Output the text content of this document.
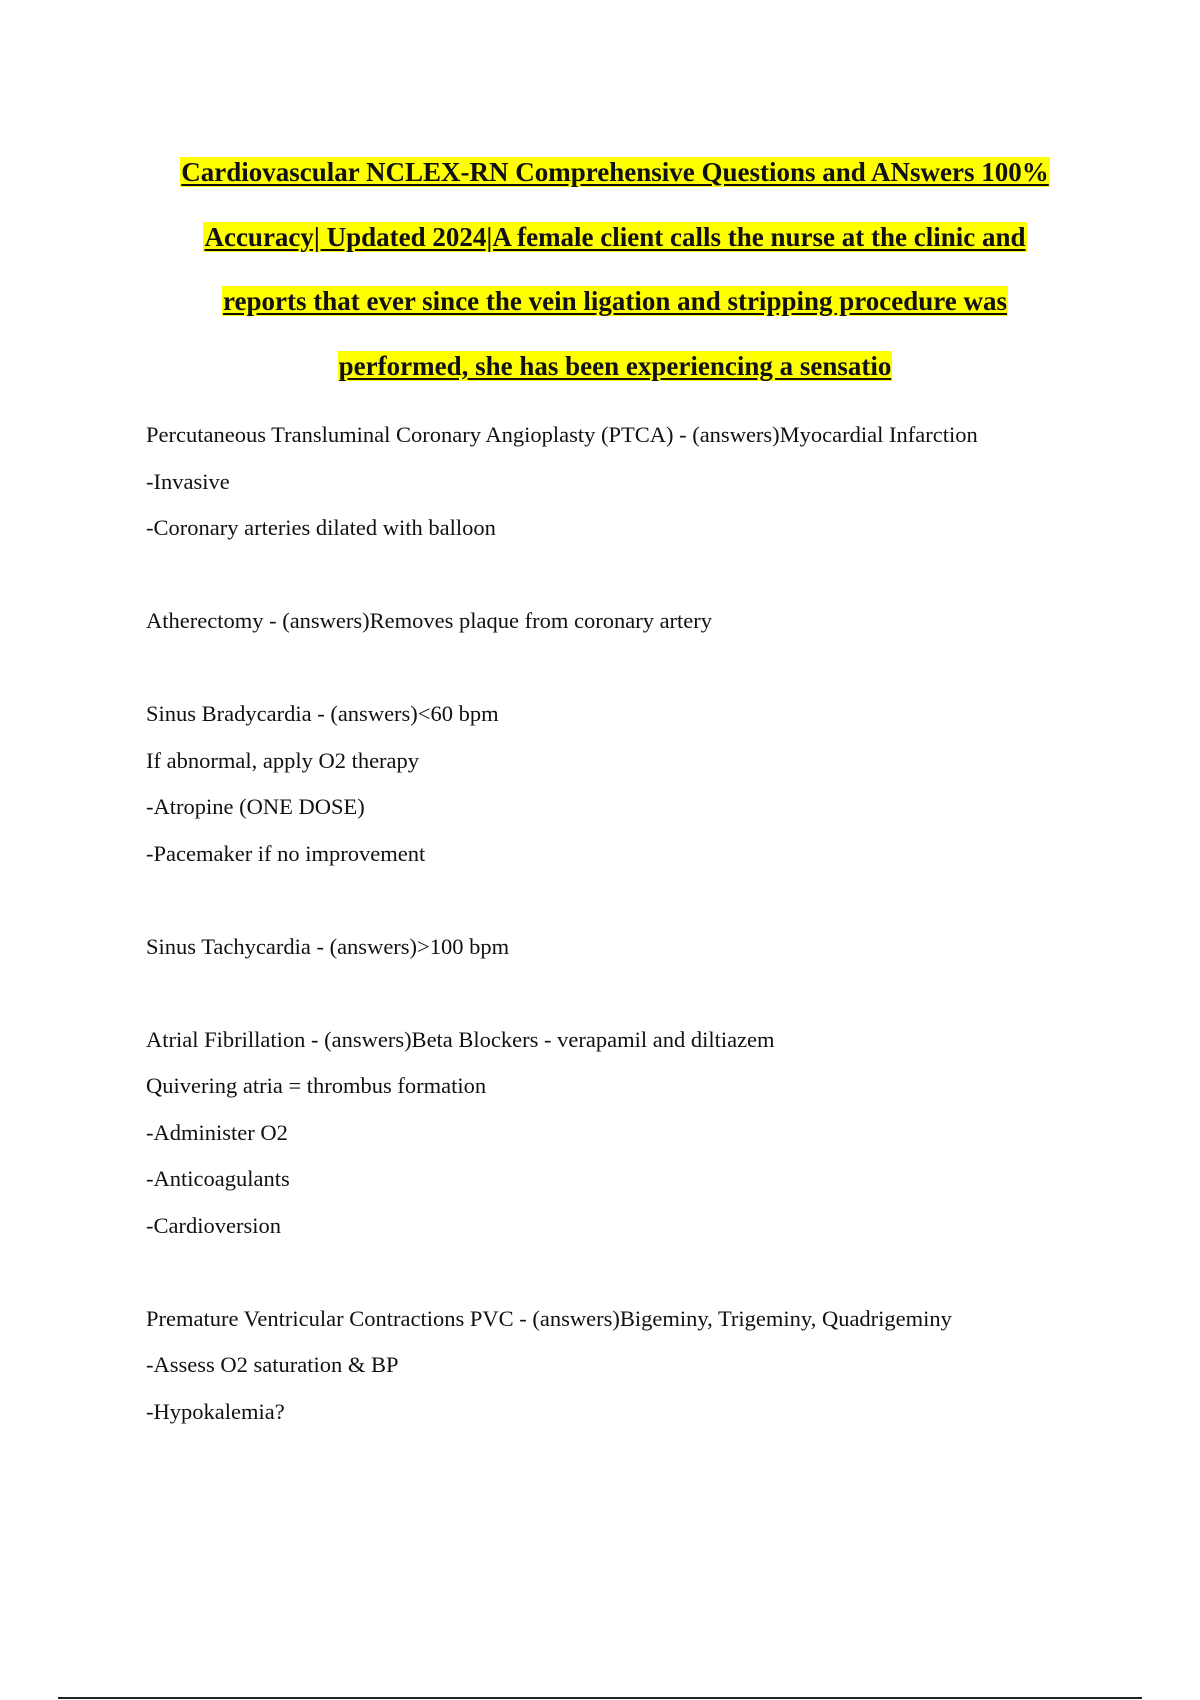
Cardiovascular NCLEX-RN Comprehensive Questions and ANswers 100%
Accuracy| Updated 2024|A female client calls the nurse at the clinic and
reports that ever since the vein ligation and stripping procedure was
performed, she has been experiencing a sensatio
Percutaneous Transluminal Coronary Angioplasty (PTCA) - (answers)Myocardial Infarction
-Invasive
-Coronary arteries dilated with balloon
Atherectomy - (answers)Removes plaque from coronary artery
Sinus Bradycardia - (answers)<60 bpm
If abnormal, apply O2 therapy
-Atropine (ONE DOSE)
-Pacemaker if no improvement
Sinus Tachycardia - (answers)>100 bpm
Atrial Fibrillation - (answers)Beta Blockers - verapamil and diltiazem
Quivering atria = thrombus formation
-Administer O2
-Anticoagulants
-Cardioversion
Premature Ventricular Contractions PVC - (answers)Bigeminy, Trigeminy, Quadrigeminy
-Assess O2 saturation & BP
-Hypokalemia?
